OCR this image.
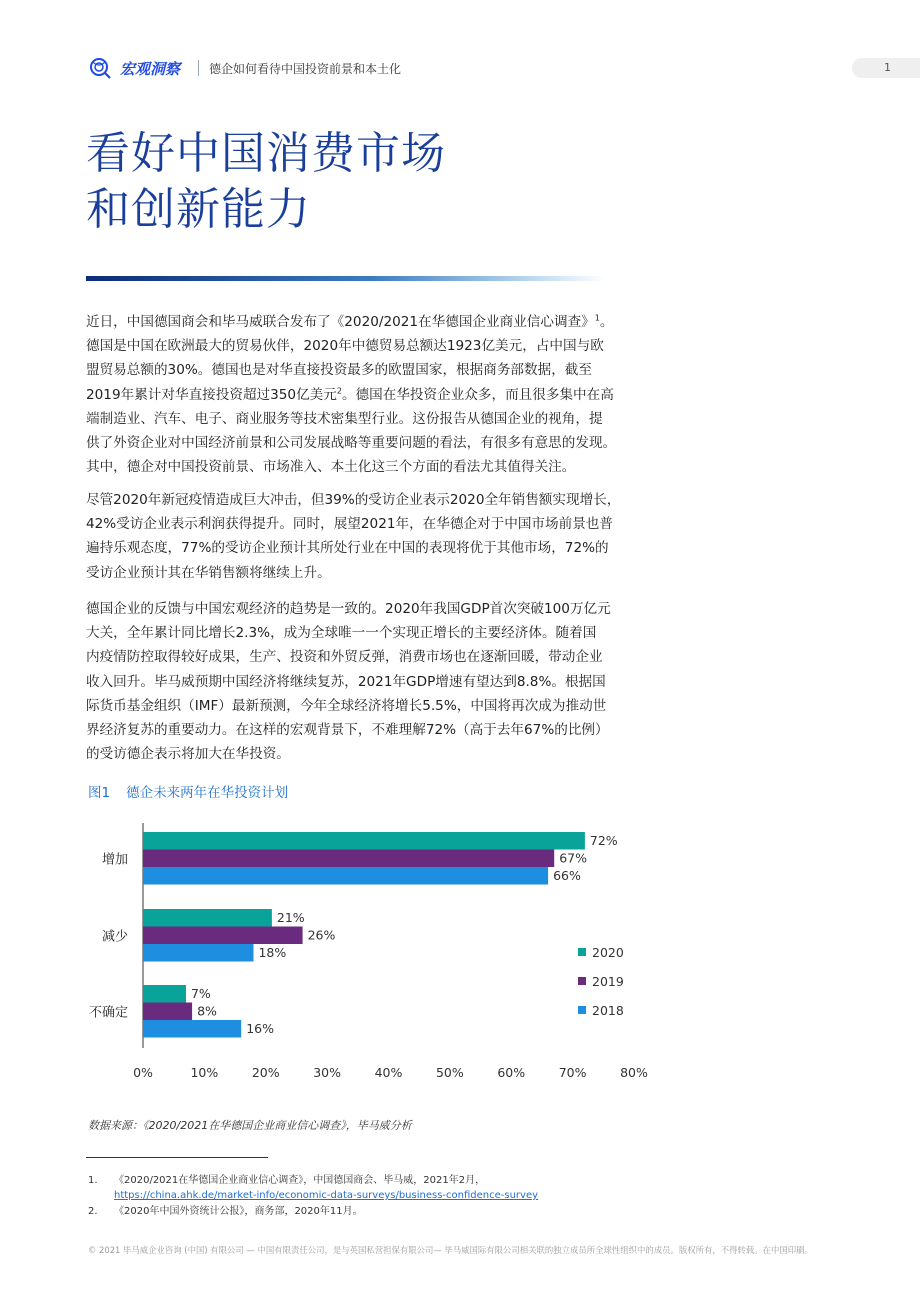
宏观洞察 德企如何看待中国投资前景和本土化	1
看好中国消费市场
和创新能力
近日，中国德国商会和毕马威联合发布了《2020/2021在华德国企业商业信心调查》$^1$。
德国是中国在欧洲最大的贸易伙伴，2020年中德贸易总额达1923亿美元，占中国与欧
盟贸易总额的30%。德国也是对华直接投资最多的欧盟国家，根据商务部数据，截至
2019年累计对华直接投资超过350亿美元$^2$。德国在华投资企业众多，而且很多集中在高
端制造业、汽车、电子、商业服务等技术密集型行业。这份报告从德国企业的视角，提
供了外资企业对中国经济前景和公司发展战略等重要问题的看法，有很多有意思的发现。
其中，德企对中国投资前景、市场准入、本土化这三个方面的看法尤其值得关注。
尽管2020年新冠疫情造成巨大冲击，但39%的受访企业表示2020全年销售额实现增长，
42%受访企业表示利润获得提升。同时，展望2021年，在华德企对于中国市场前景也普
遍持乐观态度，77%的受访企业预计其所处行业在中国的表现将优于其他市场，72%的
受访企业预计其在华销售额将继续上升。
德国企业的反馈与中国宏观经济的趋势是一致的。2020年我国GDP首次突破100万亿元
大关，全年累计同比增长2.3%，成为全球唯一一个实现正增长的主要经济体。随着国
内疫情防控取得较好成果，生产、投资和外贸反弹，消费市场也在逐渐回暖，带动企业
收入回升。毕马威预期中国经济将继续复苏，2021年GDP增速有望达到8.8%。根据国
际货币基金组织（IMF）最新预测，今年全球经济将增长5.5%，中国将再次成为推动世
界经济复苏的重要动力。在这样的宏观背景下，不难理解72%（高于去年67%的比例）
的受访德企表示将加大在华投资。
图1 德企未来两年在华投资计划
0%	10%	20%	30%	40%	50%	60%	70%	80%
增加
72%
67%
66%
减少
21%
26%
18%
不确定
7%
8%
16%
2020
2019
2018
数据来源：《2020/2021在华德国企业商业信心调查》，毕马威分析
1. 《2020/2021在华德国企业商业信心调查》，中国德国商会、毕马威，2021年2月，
https://china.ahk.de/market-info/economic-data-surveys/business-confidence-survey
2. 《2020年中国外资统计公报》，商务部，2020年11月。
© 2021 毕马威企业咨询 (中国) 有限公司 — 中国有限责任公司，是与英国私营担保有限公司— 毕马威国际有限公司相关联的独立成员所全球性组织中的成员。版权所有，不得转载。在中国印刷。
